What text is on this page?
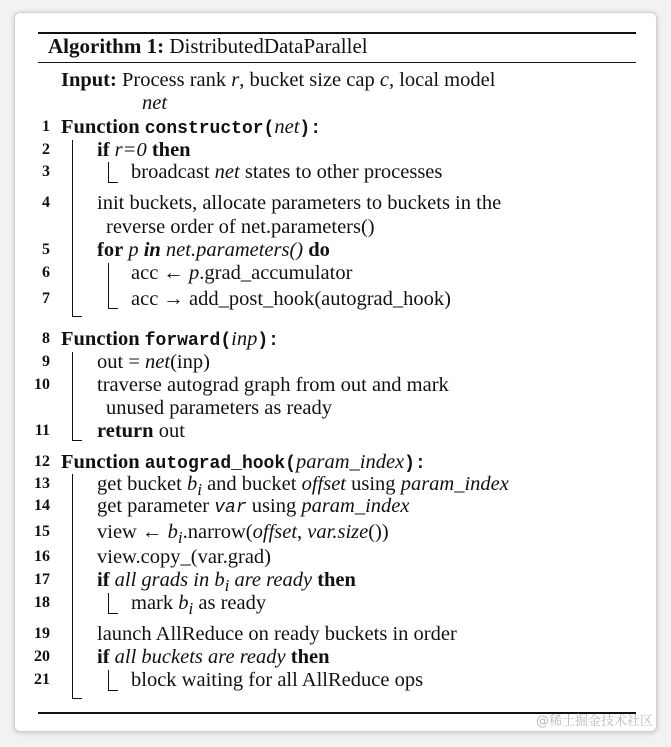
Algorithm 1: DistributedDataParallel
Input: Process rank r, bucket size cap c, local model
net
1
2
3
4
5
6
7
8
9
10
11
12
13
14
15
16
17
18
19
20
21
Function constructor(net):
if r=0 then
broadcast net states to other processes
init buckets, allocate parameters to buckets in the
reverse order of net.parameters()
for p in net.parameters() do
acc ← p.grad_accumulator
acc → add_post_hook(autograd_hook)
Function forward(inp):
out = net(inp)
traverse autograd graph from out and mark
unused parameters as ready
return out
Function autograd_hook(param_index):
get bucket $b_i$ and bucket offset using param_index
get parameter var using param_index
view ← $b_i.narrow(offset$, var.size())
view.copy_(var.grad)
if all grads in $b_i$ are ready then
mark $b_i$ as ready
launch AllReduce on ready buckets in order
if all buckets are ready then
block waiting for all AllReduce ops
@稀土掘金技术社区
